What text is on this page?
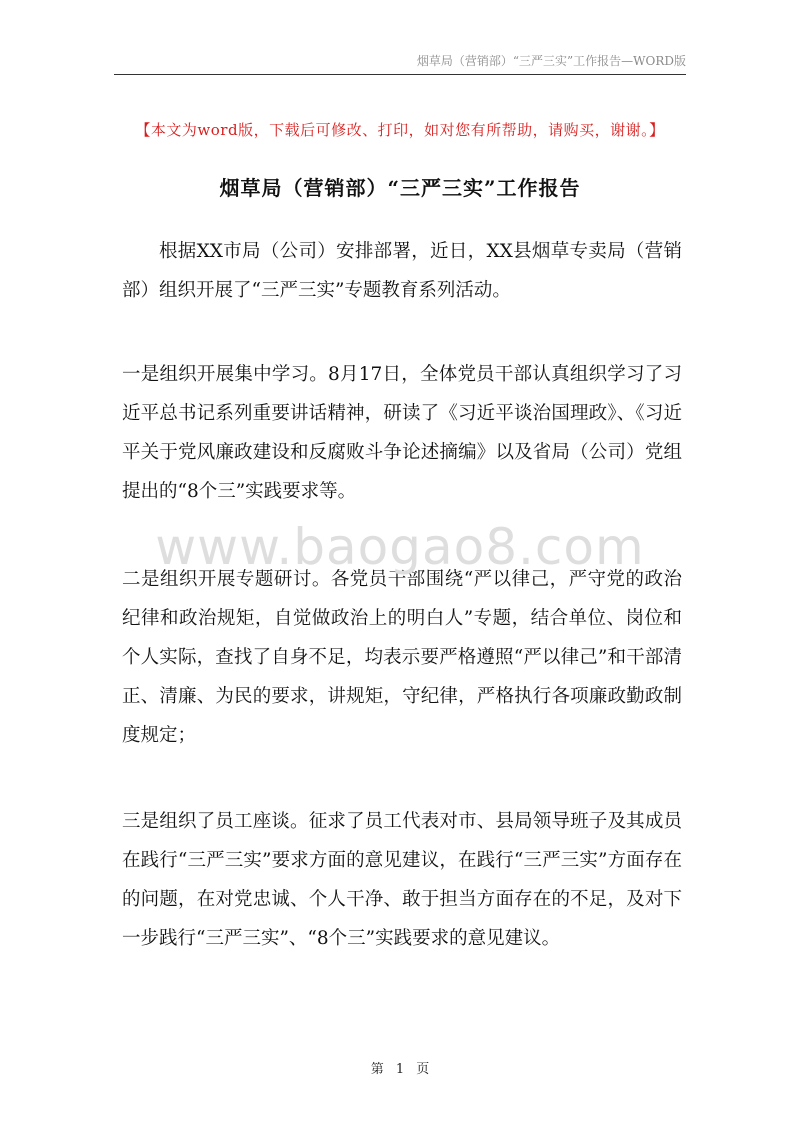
烟草局（营销部）“三严三实”工作报告—WORD版
【本文为word版，下载后可修改、打印，如对您有所帮助，请购买，谢谢。】
烟草局（营销部）“三严三实”工作报告

根据XX市局（公司）安排部署，近日，XX县烟草专卖局（营销部）组织开展了“三严三实”专题教育系列活动。

一是组织开展集中学习。8月17日，全体党员干部认真组织学习了习近平总书记系列重要讲话精神，研读了《习近平谈治国理政》、《习近平关于党风廉政建设和反腐败斗争论述摘编》以及省局（公司）党组提出的“8个三”实践要求等。

二是组织开展专题研讨。各党员干部围绕“严以律己，严守党的政治纪律和政治规矩，自觉做政治上的明白人”专题，结合单位、岗位和个人实际，查找了自身不足，均表示要严格遵照“严以律己”和干部清正、清廉、为民的要求，讲规矩，守纪律，严格执行各项廉政勤政制度规定；

三是组织了员工座谈。征求了员工代表对市、县局领导班子及其成员在践行“三严三实”要求方面的意见建议，在践行“三严三实”方面存在的问题，在对党忠诚、个人干净、敢于担当方面存在的不足，及对下一步践行“三严三实”、“8个三”实践要求的意见建议。

www.baogao8.com
第 1 页
